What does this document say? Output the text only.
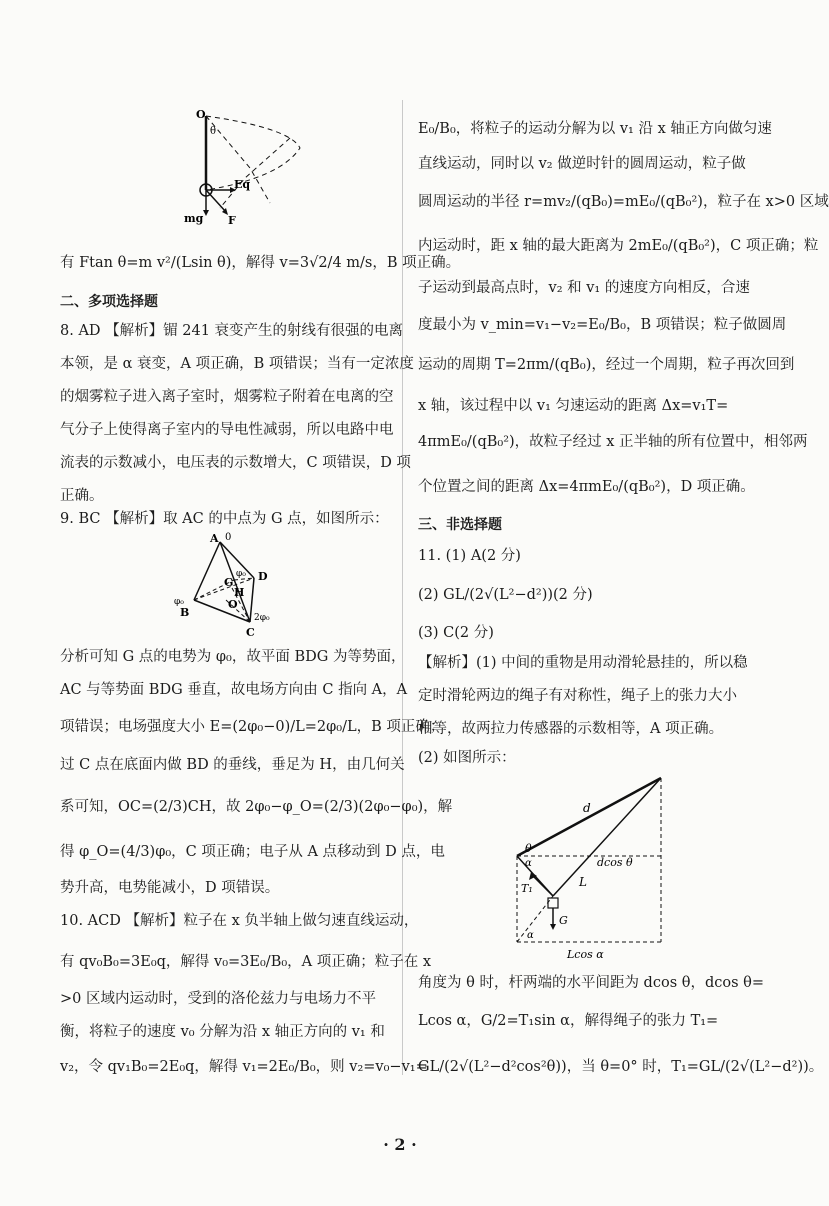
O
θ
Eq
mg F
有 Ftan θ=m v²/(Lsin θ)，解得 v=3√2/4 m/s，B 项正确。
二、多项选择题
8. AD 【解析】镅 241 衰变产生的射线有很强的电离
本领，是 α 衰变，A 项正确，B 项错误；当有一定浓度
的烟雾粒子进入离子室时，烟雾粒子附着在电离的空
气分子上使得离子室内的导电性减弱，所以电路中电
流表的示数减小，电压表的示数增大，C 项错误，D 项
正确。
9. BC 【解析】取 AC 的中点为 G 点，如图所示：
A 0
G
φ₀ D
H
O
φ₀
B	2φ₀
C
分析可知 G 点的电势为 φ₀，故平面 BDG 为等势面，
AC 与等势面 BDG 垂直，故电场方向由 C 指向 A，A
项错误；电场强度大小 E=(2φ₀−0)/L=2φ₀/L，B 项正确；
过 C 点在底面内做 BD 的垂线，垂足为 H，由几何关
系可知，OC=(2/3)CH，故 2φ₀−φ_O=(2/3)(2φ₀−φ₀)，解
得 φ_O=(4/3)φ₀，C 项正确；电子从 A 点移动到 D 点，电
势升高，电势能减小，D 项错误。
10. ACD 【解析】粒子在 x 负半轴上做匀速直线运动，
有 qv₀B₀=3E₀q，解得 v₀=3E₀/B₀，A 项正确；粒子在 x
>0 区域内运动时，受到的洛伦兹力与电场力不平
衡，将粒子的速度 v₀ 分解为沿 x 轴正方向的 v₁ 和
v₂，令 qv₁B₀=2E₀q，解得 v₁=2E₀/B₀，则 v₂=v₀−v₁=
E₀/B₀，将粒子的运动分解为以 v₁ 沿 x 轴正方向做匀速
直线运动，同时以 v₂ 做逆时针的圆周运动，粒子做
圆周运动的半径 r=mv₂/(qB₀)=mE₀/(qB₀²)，粒子在 x>0 区域
内运动时，距 x 轴的最大距离为 2mE₀/(qB₀²)，C 项正确；粒
子运动到最高点时，v₂ 和 v₁ 的速度方向相反，合速
度最小为 v_min=v₁−v₂=E₀/B₀，B 项错误；粒子做圆周
运动的周期 T=2πm/(qB₀)，经过一个周期，粒子再次回到
x 轴，该过程中以 v₁ 匀速运动的距离 Δx=v₁T=
4πmE₀/(qB₀²)，故粒子经过 x 正半轴的所有位置中，相邻两
个位置之间的距离 Δx=4πmE₀/(qB₀²)，D 项正确。
三、非选择题
11. (1) A(2 分)
(2) GL/(2√(L²−d²))(2 分)
(3) C(2 分)
【解析】(1) 中间的重物是用动滑轮悬挂的，所以稳
定时滑轮两边的绳子有对称性，绳子上的张力大小
相等，故两拉力传感器的示数相等，A 项正确。
(2) 如图所示：
d
θ
α	dcos θ
T₁	L
G
α
Lcos α
角度为 θ 时，杆两端的水平间距为 dcos θ，dcos θ=
Lcos α，G/2=T₁sin α，解得绳子的张力 T₁=
GL/(2√(L²−d²cos²θ))，当 θ=0° 时，T₁=GL/(2√(L²−d²))。
· 2 ·
